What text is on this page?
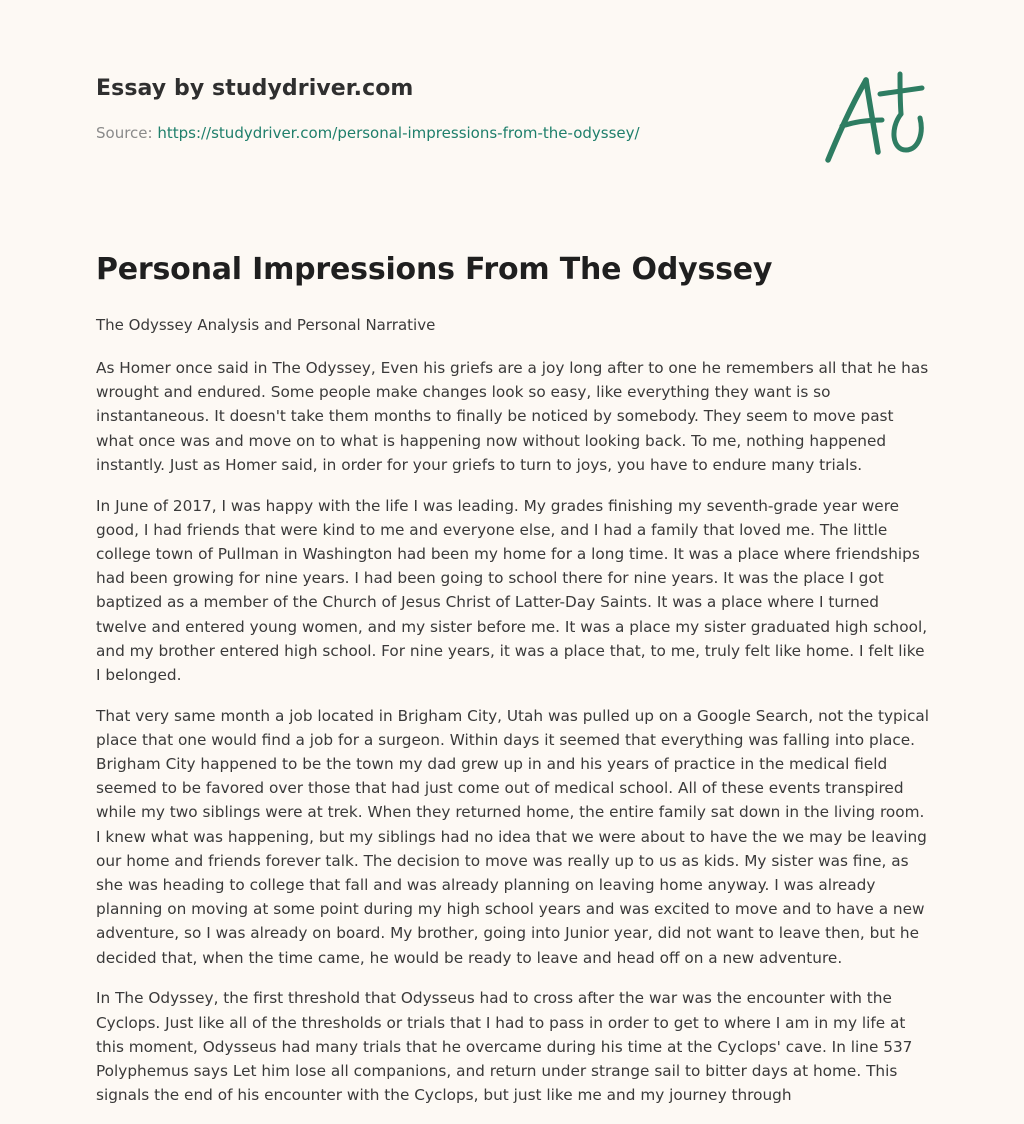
Essay by studydriver.com
Source: https://studydriver.com/personal-impressions-from-the-odyssey/
Personal Impressions From The Odyssey
The Odyssey Analysis and Personal Narrative

As Homer once said in The Odyssey, Even his griefs are a joy long after to one he remembers all that he has wrought and endured. Some people make changes look so easy, like everything they want is so instantaneous. It doesn't take them months to finally be noticed by somebody. They seem to move past what once was and move on to what is happening now without looking back. To me, nothing happened instantly. Just as Homer said, in order for your griefs to turn to joys, you have to endure many trials.

In June of 2017, I was happy with the life I was leading. My grades finishing my seventh-grade year were good, I had friends that were kind to me and everyone else, and I had a family that loved me. The little college town of Pullman in Washington had been my home for a long time. It was a place where friendships had been growing for nine years. I had been going to school there for nine years. It was the place I got baptized as a member of the Church of Jesus Christ of Latter-Day Saints. It was a place where I turned twelve and entered young women, and my sister before me. It was a place my sister graduated high school, and my brother entered high school. For nine years, it was a place that, to me, truly felt like home. I felt like I belonged.

That very same month a job located in Brigham City, Utah was pulled up on a Google Search, not the typical place that one would find a job for a surgeon. Within days it seemed that everything was falling into place. Brigham City happened to be the town my dad grew up in and his years of practice in the medical field seemed to be favored over those that had just come out of medical school. All of these events transpired while my two siblings were at trek. When they returned home, the entire family sat down in the living room. I knew what was happening, but my siblings had no idea that we were about to have the we may be leaving our home and friends forever talk. The decision to move was really up to us as kids. My sister was fine, as she was heading to college that fall and was already planning on leaving home anyway. I was already planning on moving at some point during my high school years and was excited to move and to have a new adventure, so I was already on board. My brother, going into Junior year, did not want to leave then, but he decided that, when the time came, he would be ready to leave and head off on a new adventure.

In The Odyssey, the first threshold that Odysseus had to cross after the war was the encounter with the Cyclops. Just like all of the thresholds or trials that I had to pass in order to get to where I am in my life at this moment, Odysseus had many trials that he overcame during his time at the Cyclops' cave. In line 537 Polyphemus says Let him lose all companions, and return under strange sail to bitter days at home. This signals the end of his encounter with the Cyclops, but just like me and my journey through
